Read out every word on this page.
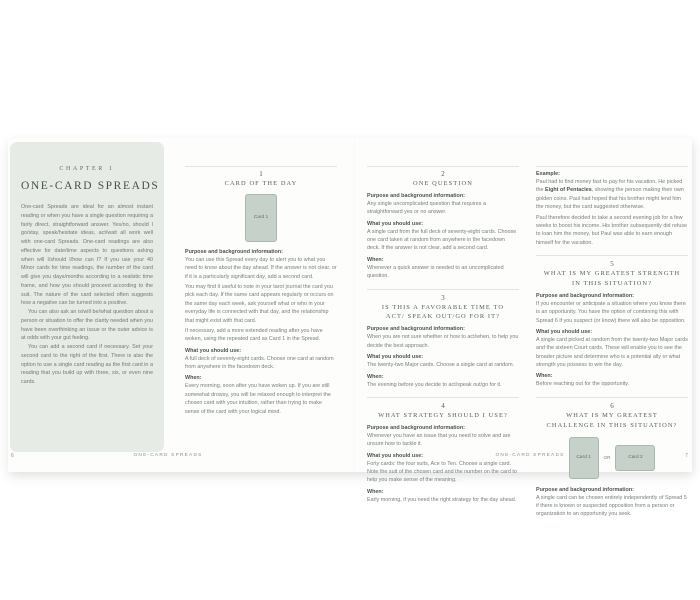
CHAPTER 1
ONE-CARD SPREADS

One-card Spreads are ideal for an almost instant reading or when you have a single question requiring a fairly direct, straightforward answer. Yes/no, should I go/stay, speak/hesitate ideas, act/wait all work well with one-card Spreads. One-card readings are also effective for date/time aspects to questions asking when will I/should I/how can I? If you use your 40 Minor cards for time readings, the number of the card will give you days/months according to a realistic time frame, and how you should proceed according to the suit. The nature of the card selected often suggests how a negative can be turned into a positive.

You can also ask an is/will be/what question about a person or situation to offer the clarity needed when you have been overthinking an issue or the outer advice is at odds with your gut feeling.

You can add a second card if necessary. Set your second card to the right of the first. There is also the option to use a single card reading as the first card in a reading that you build up with three, six, or even nine cards.

1
CARD OF THE DAY
Card 1
Purpose and background information:

You can use this Spread every day to alert you to what you need to know about the day ahead. If the answer is not clear, or if it is a particularly significant day, add a second card.

You may find it useful to note in your tarot journal the card you pick each day. If the same card appears regularly or occurs on the same day each week, ask yourself what or who in your everyday life is connected with that day, and the relationship that might exist with that card.

If necessary, add a more extended reading after you have woken, using the repeated card as Card 1 in the Spread.

What you should use:

A full deck of seventy-eight cards. Choose one card at random from anywhere in the facedown deck.

When:

Every morning, soon after you have woken up. If you are still somewhat drowsy, you will be relaxed enough to interpret the chosen card with your intuition, rather than trying to make sense of the card with your logical mind.

2
ONE QUESTION
Purpose and background information:

Any single uncomplicated question that requires a straightforward yes or no answer.

What you should use:

A single card from the full deck of seventy-eight cards. Choose one card taken at random from anywhere in the facedown deck. If the answer is not clear, add a second card.

When:

Whenever a quick answer is needed to an uncomplicated question.

3
IS THIS A FAVORABLE TIME TO ACT/ SPEAK OUT/GO FOR IT?
Purpose and background information:

When you are not sure whether or how to act/when, to help you decide the best approach.

What you should use:

The twenty-two Major cards. Choose a single card at random.

When:

The evening before you decide to act/speak out/go for it.

4
WHAT STRATEGY SHOULD I USE?
Purpose and background information:

Whenever you have an issue that you need to solve and are unsure how to tackle it.

What you should use:

Forty cards: the four suits, Ace to Ten. Choose a single card. Note the suit of the chosen card and the number on the card to help you make sense of the meaning.

When:

Early morning, if you need the right strategy for the day ahead.

Example:

Paul had to find money fast to pay for his vacation. He picked the Eight of Pentacles, showing the person making their own golden coins. Paul had hoped that his brother might lend him the money, but the card suggested otherwise.

Paul therefore decided to take a second evening job for a few weeks to boost his income. His brother subsequently did refuse to loan him the money, but Paul was able to earn enough himself for the vacation.

5
WHAT IS MY GREATEST STRENGTH IN THIS SITUATION?
Purpose and background information:

If you encounter or anticipate a situation where you know there is an opportunity. You have the option of combining this with Spread 6 if you suspect (or know) there will also be opposition.

What you should use:

A single card picked at random from the twenty-two Major cards and the sixteen Court cards. These will enable you to see the broader picture and determine who is a potential ally or what strength you possess to win the day.

When:

Before reaching out for the opportunity.

6
WHAT IS MY GREATEST CHALLENGE IN THIS SITUATION?
Card 1	OR	Card 2
Purpose and background information:

A single card can be chosen entirely independently of Spread 5 if there is known or suspected opposition from a person or organization to an opportunity you seek.

6	ONE-CARD SPREADS	ONE-CARD SPREADS	7
